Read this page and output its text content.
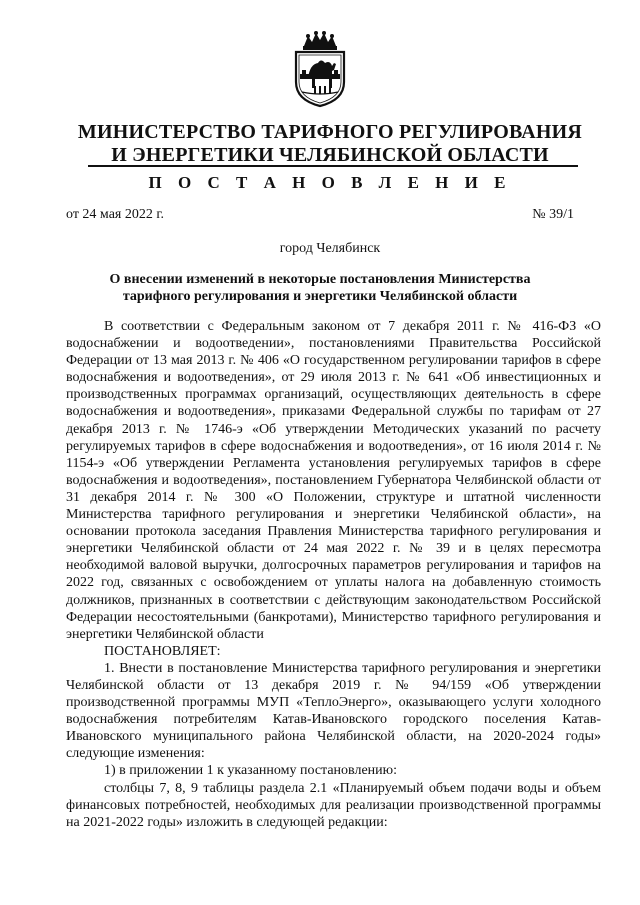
МИНИСТЕРСТВО ТАРИФНОГО РЕГУЛИРОВАНИЯ
И ЭНЕРГЕТИКИ ЧЕЛЯБИНСКОЙ ОБЛАСТИ
П О С Т А Н О В Л Е Н И Е
от 24 мая 2022 г.	№ 39/1
город Челябинск
О внесении изменений в некоторые постановления Министерства тарифного регулирования и энергетики Челябинской области

В соответствии с Федеральным законом от 7 декабря 2011 г. № 416-ФЗ «О водоснабжении и водоотведении», постановлениями Правительства Российской Федерации от 13 мая 2013 г. № 406 «О государственном регулировании тарифов в сфере водоснабжения и водоотведения», от 29 июля 2013 г. № 641 «Об инвестиционных и производственных программах организаций, осуществляющих деятельность в сфере водоснабжения и водоотведения», приказами Федеральной службы по тарифам от 27 декабря 2013 г. № 1746-э «Об утверждении Методических указаний по расчету регулируемых тарифов в сфере водоснабжения и водоотведения», от 16 июля 2014 г. № 1154-э «Об утверждении Регламента установления регулируемых тарифов в сфере водоснабжения и водоотведения», постановлением Губернатора Челябинской области от 31 декабря 2014 г. № 300 «О Положении, структуре и штатной численности Министерства тарифного регулирования и энергетики Челябинской области», на основании протокола заседания Правления Министерства тарифного регулирования и энергетики Челябинской области от 24 мая 2022 г. № 39 и в целях пересмотра необходимой валовой выручки, долгосрочных параметров регулирования и тарифов на 2022 год, связанных с освобождением от уплаты налога на добавленную стоимость должников, признанных в соответствии с действующим законодательством Российской Федерации несостоятельными (банкротами), Министерство тарифного регулирования и энергетики Челябинской области

ПОСТАНОВЛЯЕТ:

1. Внести в постановление Министерства тарифного регулирования и энергетики Челябинской области от 13 декабря 2019 г. № 94/159 «Об утверждении производственной программы МУП «ТеплоЭнерго», оказывающего услуги холодного водоснабжения потребителям Катав-Ивановского городского поселения Катав-Ивановского муниципального района Челябинской области, на 2020-2024 годы» следующие изменения:

1) в приложении 1 к указанному постановлению:

столбцы 7, 8, 9 таблицы раздела 2.1 «Планируемый объем подачи воды и объем финансовых потребностей, необходимых для реализации производственной программы на 2021-2022 годы» изложить в следующей редакции:
